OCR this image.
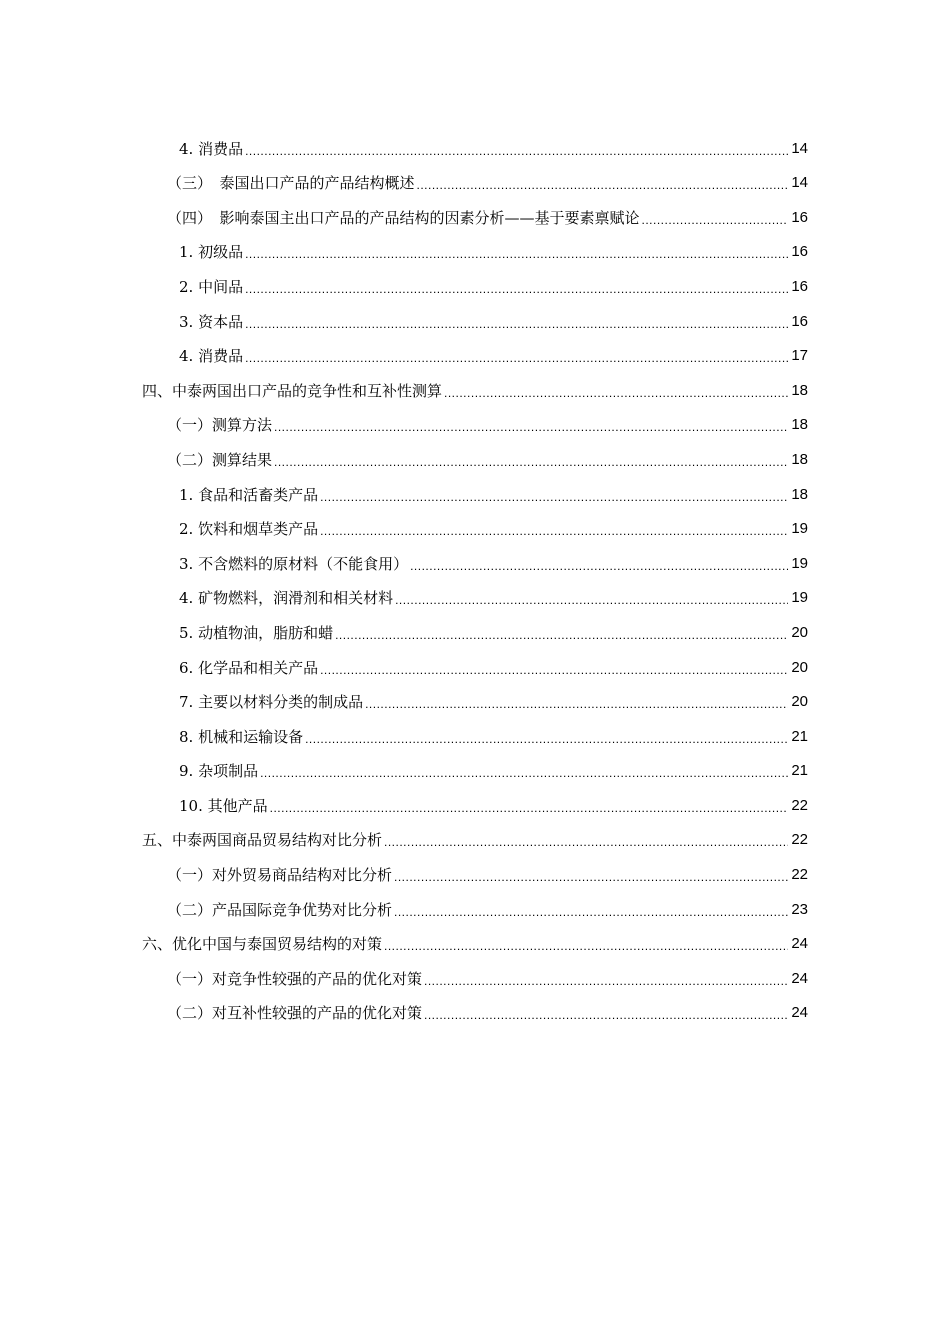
4. 消费品 .....	14
（三）　泰国出口产品的产品结构概述 .....	14
（四）　影响泰国主出口产品的产品结构的因素分析——基于要素禀赋论 .....	16
1. 初级品 .....	16
2. 中间品 .....	16
3. 资本品 .....	16
4. 消费品 .....	17
四、中泰两国出口产品的竞争性和互补性测算 .....	18
（一）测算方法 .....	18
（二）测算结果 .....	18
1. 食品和活畜类产品 .....	18
2. 饮料和烟草类产品 .....	19
3. 不含燃料的原材料（不能食用） .....	19
4. 矿物燃料，润滑剂和相关材料 .....	19
5. 动植物油，脂肪和蜡 .....	20
6. 化学品和相关产品 .....	20
7. 主要以材料分类的制成品 .....	20
8. 机械和运输设备 .....	21
9. 杂项制品 .....	21
10. 其他产品 .....	22
五、中泰两国商品贸易结构对比分析 .....	22
（一）对外贸易商品结构对比分析 .....	22
（二）产品国际竞争优势对比分析 .....	23
六、优化中国与泰国贸易结构的对策 .....	24
（一）对竞争性较强的产品的优化对策 .....	24
（二）对互补性较强的产品的优化对策 .....	24
